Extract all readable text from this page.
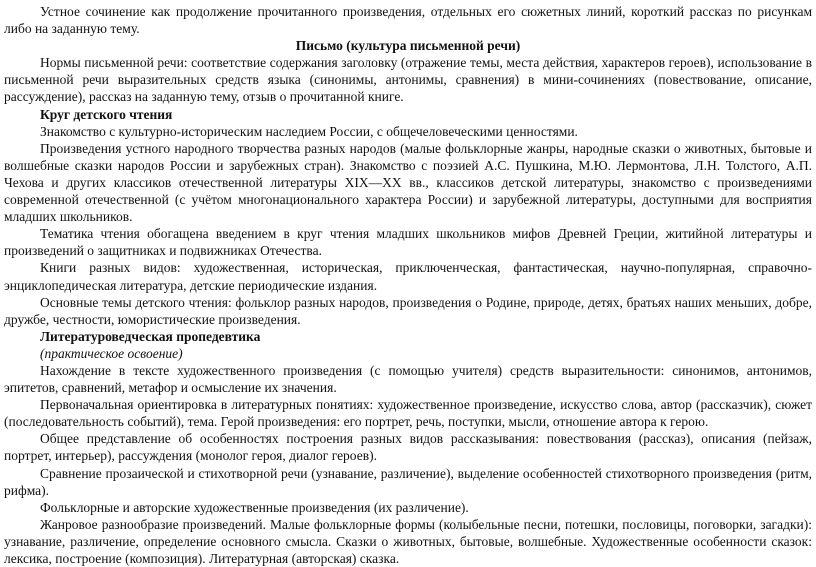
Устное сочинение как продолжение прочитанного произведения, отдельных его сюжетных линий, короткий рассказ по рисункам либо на заданную тему.

Письмо (культура письменной речи)

Нормы письменной речи: соответствие содержания заголовку (отражение темы, места действия, характеров героев), использование в письменной речи выразительных средств языка (синонимы, антонимы, сравнения) в мини-сочинениях (повествование, описание, рассуждение), рассказ на заданную тему, отзыв о прочитанной книге.

Круг детского чтения

Знакомство с культурно-историческим наследием России, с общечеловеческими ценностями.

Произведения устного народного творчества разных народов (малые фольклорные жанры, народные сказки о животных, бытовые и волшебные сказки народов России и зарубежных стран). Знакомство с поэзией А.С. Пушкина, М.Ю. Лермонтова, Л.Н. Толстого, А.П. Чехова и других классиков отечественной литературы XIX—XX вв., классиков детской литературы, знакомство с произведениями современной отечественной (с учётом многонационального характера России) и зарубежной литературы, доступными для восприятия младших школьников.

Тематика чтения обогащена введением в круг чтения младших школьников мифов Древней Греции, житийной литературы и произведений о защитниках и подвижниках Отечества.

Книги разных видов: художественная, историческая, приключенческая, фантастическая, научно-популярная, справочно-энциклопедическая литература, детские периодические издания.

Основные темы детского чтения: фольклор разных народов, произведения о Родине, природе, детях, братьях наших меньших, добре, дружбе, честности, юмористические произведения.

Литературоведческая пропедевтика

(практическое освоение)

Нахождение в тексте художественного произведения (с помощью учителя) средств выразительности: синонимов, антонимов, эпитетов, сравнений, метафор и осмысление их значения.

Первоначальная ориентировка в литературных понятиях: художественное произведение, искусство слова, автор (рассказчик), сюжет (последовательность событий), тема. Герой произведения: его портрет, речь, поступки, мысли, отношение автора к герою.

Общее представление об особенностях построения разных видов рассказывания: повествования (рассказ), описания (пейзаж, портрет, интерьер), рассуждения (монолог героя, диалог героев).

Сравнение прозаической и стихотворной речи (узнавание, различение), выделение особенностей стихотворного произведения (ритм, рифма).

Фольклорные и авторские художественные произведения (их различение).

Жанровое разнообразие произведений. Малые фольклорные формы (колыбельные песни, потешки, пословицы, поговорки, загадки): узнавание, различение, определение основного смысла. Сказки о животных, бытовые, волшебные. Художественные особенности сказок: лексика, построение (композиция). Литературная (авторская) сказка.
